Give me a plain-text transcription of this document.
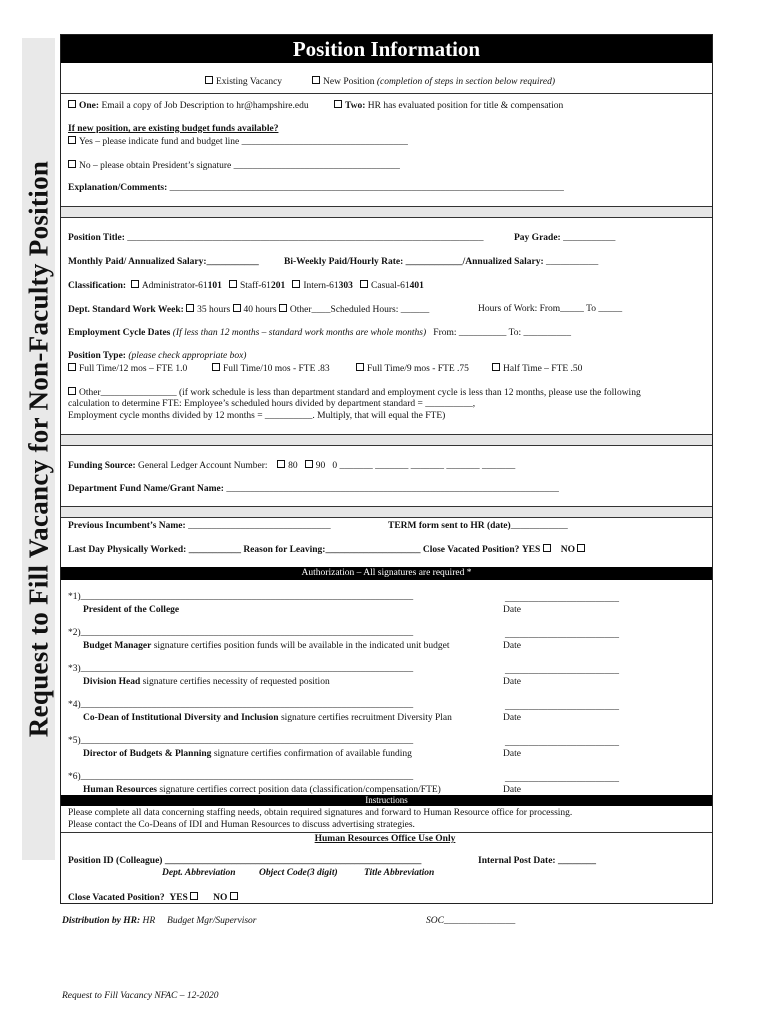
Request to Fill Vacancy for Non-Faculty Position
Position Information
Existing Vacancy	New Position (completion of steps in section below required)
One: Email a copy of Job Description to hr@hampshire.edu	Two: HR has evaluated position for title & compensation
If new position, are existing budget funds available?
Yes – please indicate fund and budget line ___________________________________
No – please obtain President’s signature ___________________________________
Explanation/Comments: ___________________________________________________________________________________
Position Title: ___________________________________________________________________________	Pay Grade: ___________
Monthly Paid/ Annualized Salary:___________	Bi-Weekly Paid/Hourly Rate: ____________/Annualized Salary: ___________
Classification: Administrator-61101 Staff-61201 Intern-61303 Casual-61401
Dept. Standard Work Week: 35 hours 40 hours Other____Scheduled Hours: ______	Hours of Work: From_____ To _____
Employment Cycle Dates (If less than 12 months – standard work months are whole months) From: __________ To: __________
Position Type: (please check appropriate box)
Full Time/12 mos – FTE 1.0	Full Time/10 mos - FTE .83	Full Time/9 mos - FTE .75	Half Time – FTE .50
Other________________ (if work schedule is less than department standard and employment cycle is less than 12 months, please use the following
calculation to determine FTE: Employee’s scheduled hours divided by department standard = __________,
Employment cycle months divided by 12 months = __________. Multiply, that will equal the FTE)
Funding Source: General Ledger Account Number: 80 90 0 _______ _______ _______ _______ _______
Department Fund Name/Grant Name: ______________________________________________________________________
Previous Incumbent’s Name: ______________________________	TERM form sent to HR (date)____________
Last Day Physically Worked: ___________ Reason for Leaving:____________________ Close Vacated Position? YES NO
Authorization – All signatures are required *
*1)______________________________________________________________________	________________________
President of the College	Date
*2)______________________________________________________________________	________________________
Budget Manager signature certifies position funds will be available in the indicated unit budget	Date
*3)______________________________________________________________________	________________________
Division Head signature certifies necessity of requested position	Date
*4)______________________________________________________________________	________________________
Co-Dean of Institutional Diversity and Inclusion signature certifies recruitment Diversity Plan	Date
*5)______________________________________________________________________	________________________
Director of Budgets & Planning signature certifies confirmation of available funding	Date
*6)______________________________________________________________________	________________________
Human Resources signature certifies correct position data (classification/compensation/FTE)	Date
Instructions
Please complete all data concerning staffing needs, obtain required signatures and forward to Human Resource office for processing.
Please contact the Co-Deans of IDI and Human Resources to discuss advertising strategies.
Human Resources Office Use Only
Position ID (Colleague) ______________________________________________________	Internal Post Date: ________
Dept. Abbreviation Object Code(3 digit)	Title Abbreviation
Close Vacated Position? YES	NO
Distribution by HR: HR Budget Mgr/Supervisor	SOC_______________
Request to Fill Vacancy NFAC – 12-2020
